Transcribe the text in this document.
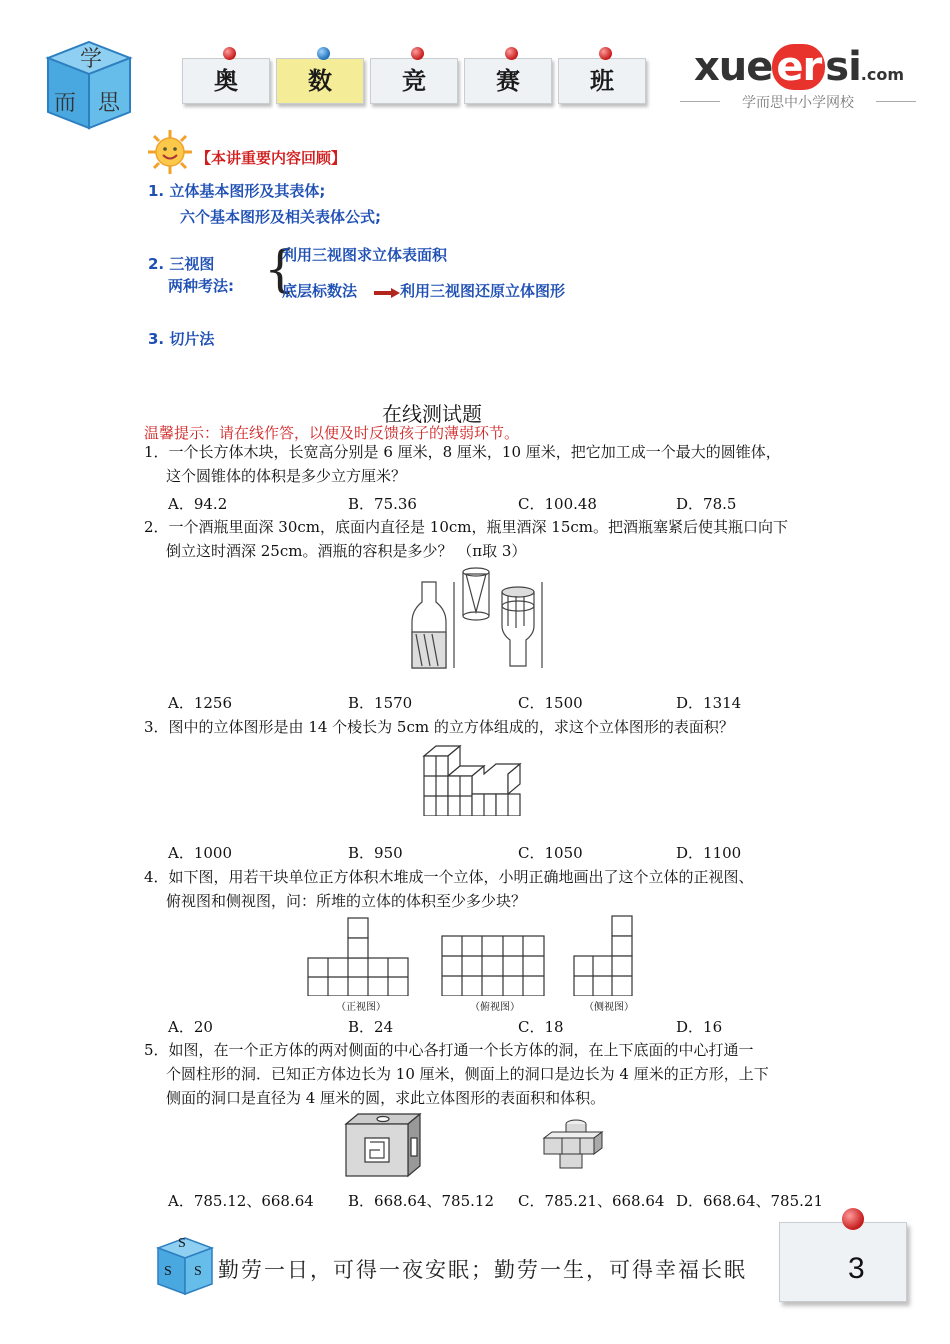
学
而 思
奥	数	竞	赛	班	xue er si.com
学而思中小学网校
【本讲重要内容回顾】
1. 立体基本图形及其表体;
六个基本图形及相关表体公式;
2. 三视图
两种考法: {
利用三视图求立体表面积
底层标数法	利用三视图还原立体图形
3. 切片法
在线测试题
温馨提示：请在线作答，以便及时反馈孩子的薄弱环节。
1．一个长方体木块，长宽高分别是 6 厘米，8 厘米，10 厘米，把它加工成一个最大的圆锥体，
这个圆锥体的体积是多少立方厘米？
A．94.2	B．75.36	C．100.48	D．78.5
2．一个酒瓶里面深 30cm，底面内直径是 10cm，瓶里酒深 15cm。把酒瓶塞紧后使其瓶口向下
倒立这时酒深 25cm。酒瓶的容积是多少？ （π取 3）
A．1256	B．1570	C．1500	D．1314
3．图中的立体图形是由 14 个棱长为 5cm 的立方体组成的，求这个立体图形的表面积？
A．1000	B．950	C．1050	D．1100
4．如下图，用若干块单位正方体积木堆成一个立体，小明正确地画出了这个立体的正视图、
俯视图和侧视图，问：所堆的立体的体积至少多少块？
（正视图）	（俯视图）	（侧视图）
A．20	B．24	C．18	D．16
5．如图，在一个正方体的两对侧面的中心各打通一个长方体的洞，在上下底面的中心打通一
个圆柱形的洞．已知正方体边长为 10 厘米，侧面上的洞口是边长为 4 厘米的正方形，上下
侧面的洞口是直径为 4 厘米的圆，求此立体图形的表面积和体积。
A．785.12、668.64 B．668.64、785.12 C．785.21、668.64 D．668.64、785.21
S
S S 勤劳一日，可得一夜安眠；勤劳一生，可得幸福长眠	3
